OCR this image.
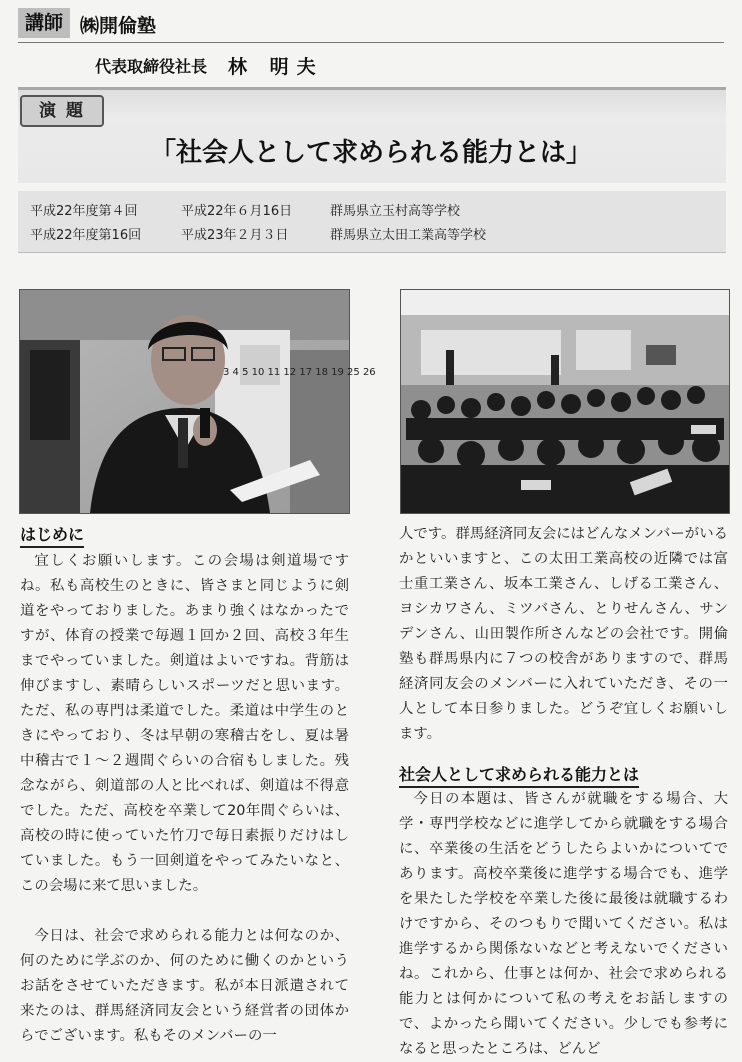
講師 ㈱開倫塾
代表取締役社長 林 明夫
演題
「社会人として求められる能力とは」
平成22年度第４回	平成22年６月16日	群馬県立玉村高等学校
平成22年度第16回	平成23年２月３日	群馬県立太田工業高等学校
3 4 5 10 11 12 17 18 19 25 26
はじめに

宜しくお願いします。この会場は剣道場ですね。私も高校生のときに、皆さまと同じように剣道をやっておりました。あまり強くはなかったですが、体育の授業で毎週１回か２回、高校３年生までやっていました。剣道はよいですね。背筋は伸びますし、素晴らしいスポーツだと思います。ただ、私の専門は柔道でした。柔道は中学生のときにやっており、冬は早朝の寒稽古をし、夏は暑中稽古で１～２週間ぐらいの合宿もしました。残念ながら、剣道部の人と比べれば、剣道は不得意でした。ただ、高校を卒業して20年間ぐらいは、高校の時に使っていた竹刀で毎日素振りだけはしていました。もう一回剣道をやってみたいなと、この会場に来て思いました。

今日は、社会で求められる能力とは何なのか、何のために学ぶのか、何のために働くのかというお話をさせていただきます。私が本日派遣されて来たのは、群馬経済同友会という経営者の団体からでございます。私もそのメンバーの一

人です。群馬経済同友会にはどんなメンバーがいるかといいますと、この太田工業高校の近隣では富士重工業さん、坂本工業さん、しげる工業さん、ヨシカワさん、ミツバさん、とりせんさん、サンデンさん、山田製作所さんなどの会社です。開倫塾も群馬県内に７つの校舎がありますので、群馬経済同友会のメンバーに入れていただき、その一人として本日参りました。どうぞ宜しくお願いします。

社会人として求められる能力とは

今日の本題は、皆さんが就職をする場合、大学・専門学校などに進学してから就職をする場合に、卒業後の生活をどうしたらよいかについてであります。高校卒業後に進学する場合でも、進学を果たした学校を卒業した後に最後は就職するわけですから、そのつもりで聞いてください。私は進学するから関係ないなどと考えないでくださいね。これから、仕事とは何か、社会で求められる能力とは何かについて私の考えをお話しますので、よかったら聞いてください。少しでも参考になると思ったところは、どんど
